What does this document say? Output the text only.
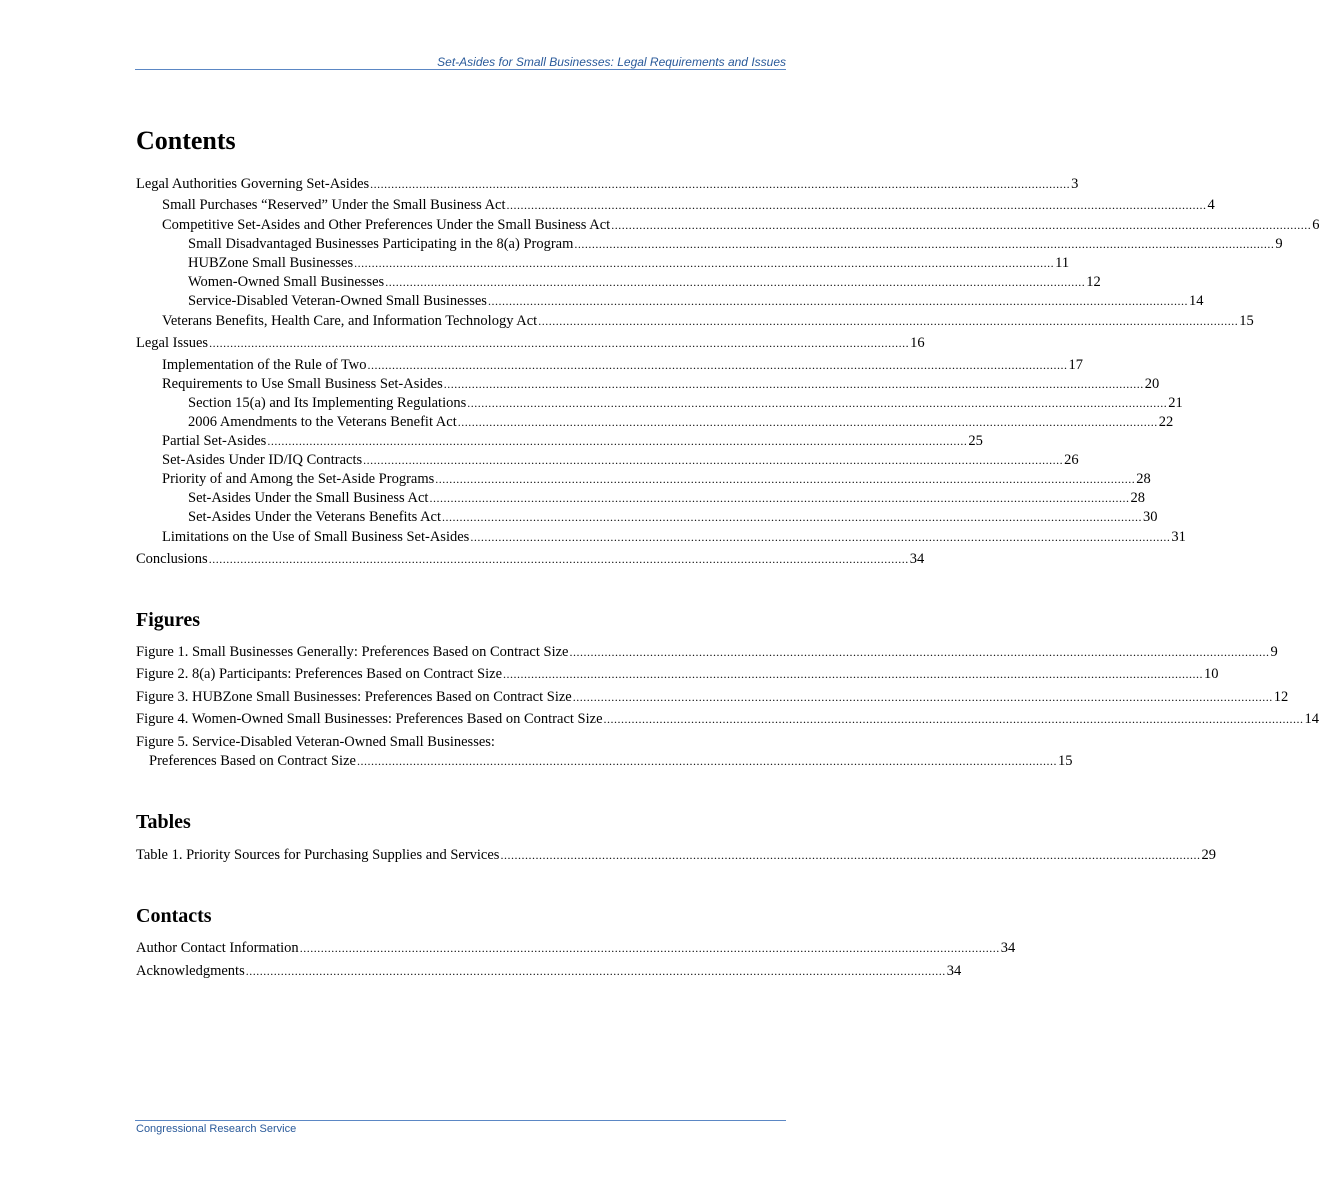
Set-Asides for Small Businesses: Legal Requirements and Issues
Contents
Legal Authorities Governing Set-Asides ........................................................................................................................................................................................................ 3
Small Purchases “Reserved” Under the Small Business Act ........................................................................................................................................................................................................ 4
Competitive Set-Asides and Other Preferences Under the Small Business Act ........................................................................................................................................................................................................ 6
Small Disadvantaged Businesses Participating in the 8(a) Program ........................................................................................................................................................................................................ 9
HUBZone Small Businesses ........................................................................................................................................................................................................ 11
Women-Owned Small Businesses ........................................................................................................................................................................................................ 12
Service-Disabled Veteran-Owned Small Businesses ........................................................................................................................................................................................................ 14
Veterans Benefits, Health Care, and Information Technology Act ........................................................................................................................................................................................................ 15
Legal Issues ........................................................................................................................................................................................................ 16
Implementation of the Rule of Two ........................................................................................................................................................................................................ 17
Requirements to Use Small Business Set-Asides ........................................................................................................................................................................................................ 20
Section 15(a) and Its Implementing Regulations ........................................................................................................................................................................................................ 21
2006 Amendments to the Veterans Benefit Act ........................................................................................................................................................................................................ 22
Partial Set-Asides ........................................................................................................................................................................................................ 25
Set-Asides Under ID/IQ Contracts ........................................................................................................................................................................................................ 26
Priority of and Among the Set-Aside Programs ........................................................................................................................................................................................................ 28
Set-Asides Under the Small Business Act ........................................................................................................................................................................................................ 28
Set-Asides Under the Veterans Benefits Act ........................................................................................................................................................................................................ 30
Limitations on the Use of Small Business Set-Asides ........................................................................................................................................................................................................ 31
Conclusions ........................................................................................................................................................................................................ 34
Figures
Figure 1. Small Businesses Generally: Preferences Based on Contract Size ........................................................................................................................................................................................................ 9
Figure 2. 8(a) Participants: Preferences Based on Contract Size ........................................................................................................................................................................................................ 10
Figure 3. HUBZone Small Businesses: Preferences Based on Contract Size ........................................................................................................................................................................................................ 12
Figure 4. Women-Owned Small Businesses: Preferences Based on Contract Size ........................................................................................................................................................................................................ 14
Figure 5. Service-Disabled Veteran-Owned Small Businesses:
Preferences Based on Contract Size ........................................................................................................................................................................................................ 15
Tables
Table 1. Priority Sources for Purchasing Supplies and Services ........................................................................................................................................................................................................ 29
Contacts
Author Contact Information ........................................................................................................................................................................................................ 34
Acknowledgments ........................................................................................................................................................................................................ 34
Congressional Research Service
